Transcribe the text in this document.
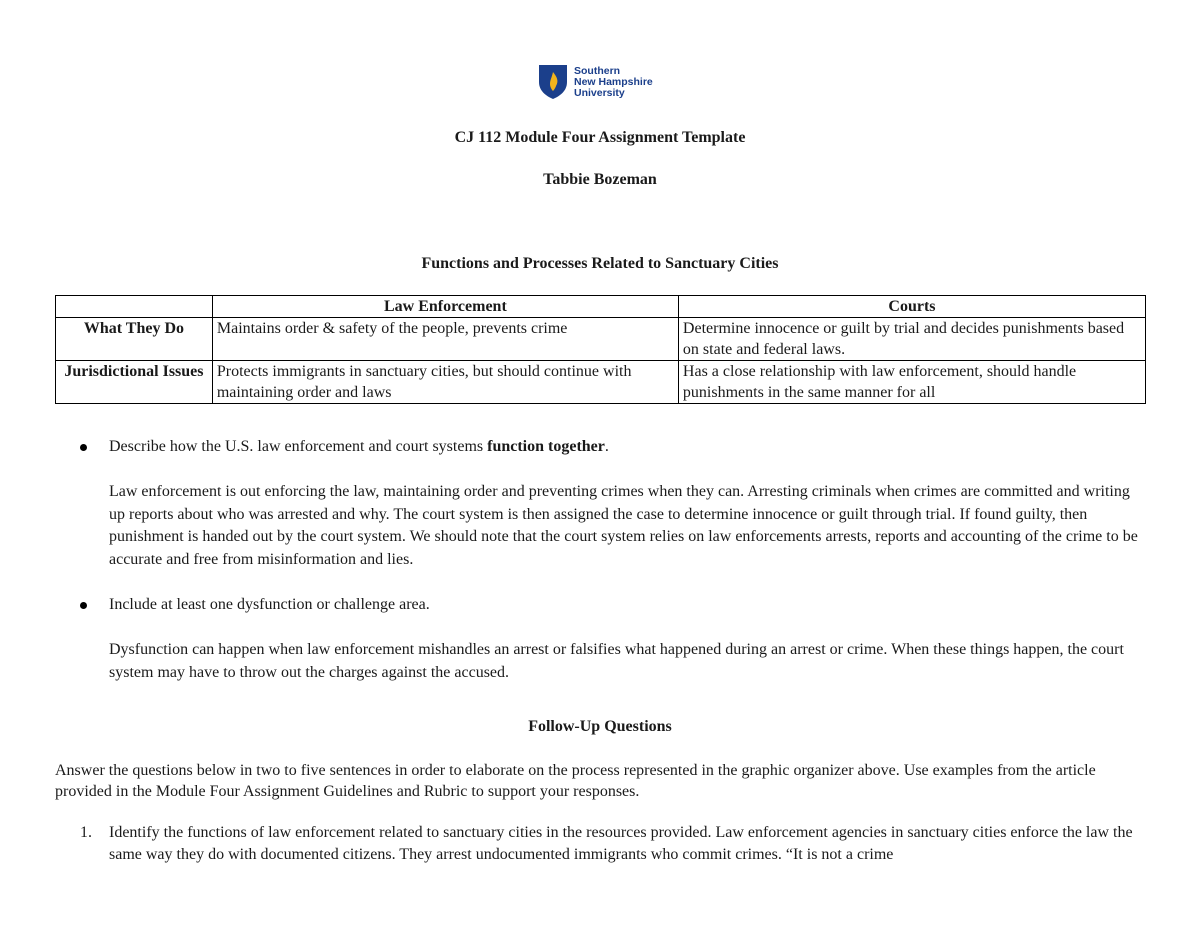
Southern
New Hampshire
University
CJ 112 Module Four Assignment Template
Tabbie Bozeman
Functions and Processes Related to Sanctuary Cities
	Law Enforcement	Courts
What They Do	Maintains order & safety of the people, prevents crime	Determine innocence or guilt by trial and decides punishments based on state and federal laws.
Jurisdictional Issues	Protects immigrants in sanctuary cities, but should continue with maintaining order and laws	Has a close relationship with law enforcement, should handle punishments in the same manner for all
Describe how the U.S. law enforcement and court systems function together.
Law enforcement is out enforcing the law, maintaining order and preventing crimes when they can. Arresting criminals when crimes are committed and writing up reports about who was arrested and why. The court system is then assigned the case to determine innocence or guilt through trial. If found guilty, then punishment is handed out by the court system. We should note that the court system relies on law enforcements arrests, reports and accounting of the crime to be accurate and free from misinformation and lies.
Include at least one dysfunction or challenge area.
Dysfunction can happen when law enforcement mishandles an arrest or falsifies what happened during an arrest or crime. When these things happen, the court system may have to throw out the charges against the accused.
Follow-Up Questions
Answer the questions below in two to five sentences in order to elaborate on the process represented in the graphic organizer above. Use examples from the article provided in the Module Four Assignment Guidelines and Rubric to support your responses.
1. Identify the functions of law enforcement related to sanctuary cities in the resources provided. Law enforcement agencies in sanctuary cities enforce the law the same way they do with documented citizens. They arrest undocumented immigrants who commit crimes. “It is not a crime
